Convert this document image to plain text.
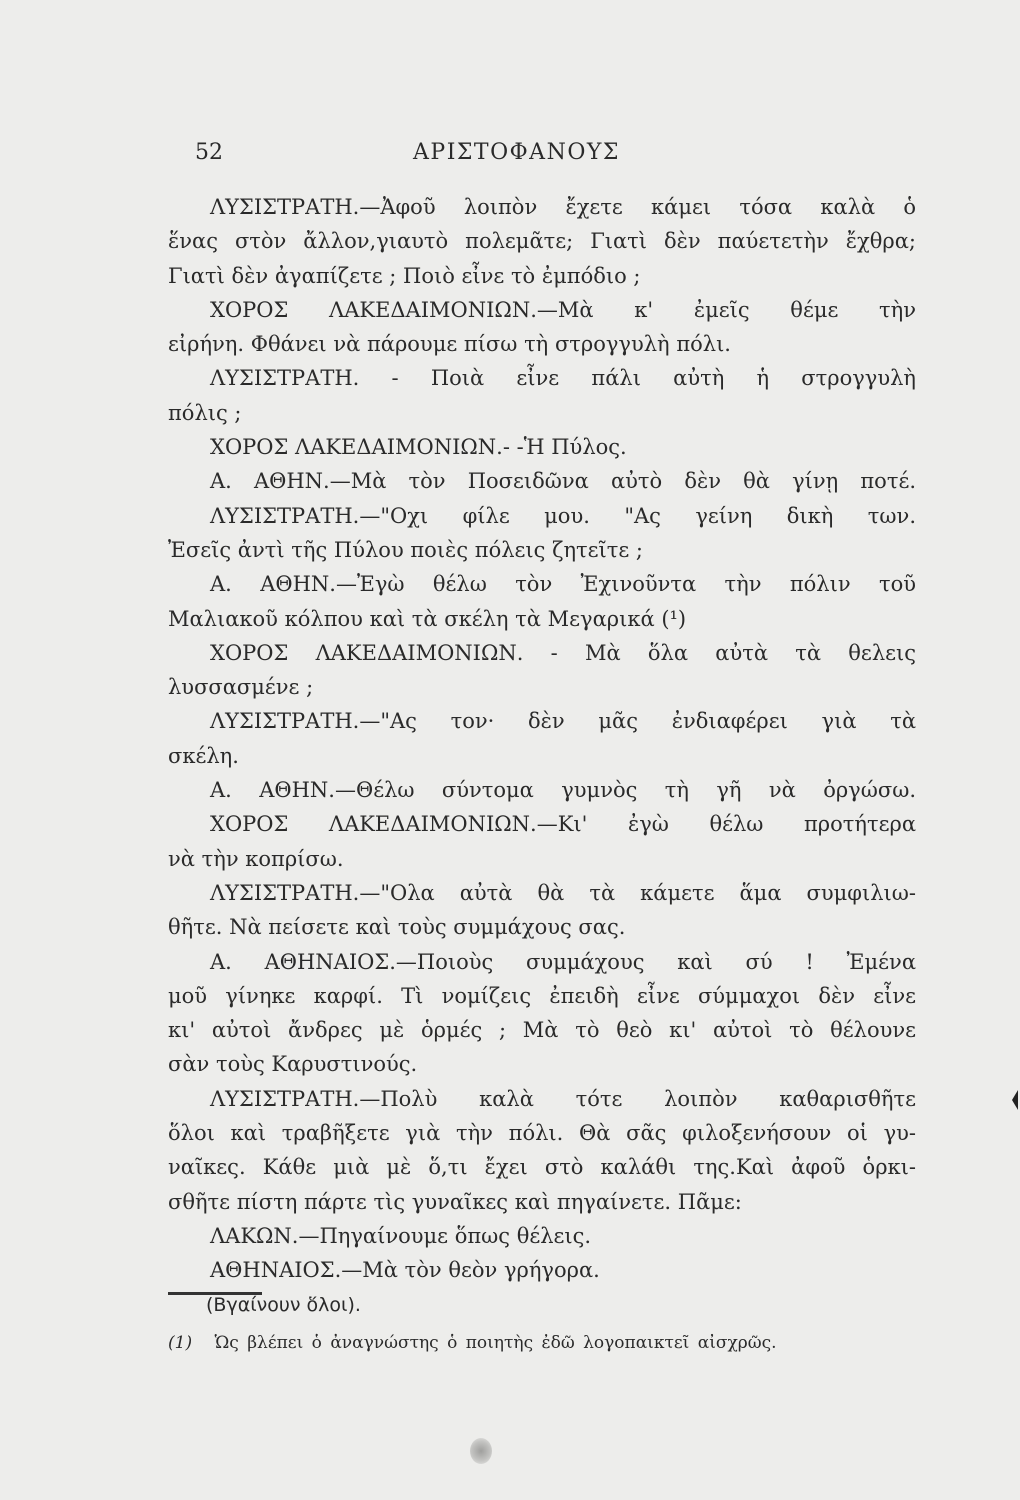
52	ΑΡΙΣΤΟΦΑΝΟΥΣ
ΛΥΣΙΣΤΡΑΤΗ.—Ἀφοῦ λοιπὸν ἔχετε κάμει τόσα καλὰ ὁ
ἕνας στὸν ἄλλον,γιαυτὸ πολεμᾶτε; Γιατὶ δὲν παύετετὴν ἔχθρα;
Γιατὶ δὲν ἀγαπίζετε ; Ποιὸ εἶνε τὸ ἐμπόδιο ;
ΧΟΡΟΣ ΛΑΚΕΔΑΙΜΟΝΙΩΝ.—Μὰ κ' ἐμεῖς θέμε τὴν
εἰρήνη. Φθάνει νὰ πάρουμε πίσω τὴ στρογγυλὴ πόλι.
ΛΥΣΙΣΤΡΑΤΗ. - Ποιὰ εἶνε πάλι αὐτὴ ἡ στρογγυλὴ
πόλις ;
ΧΟΡΟΣ ΛΑΚΕΔΑΙΜΟΝΙΩΝ.- -Ἡ Πύλος.
Α. ΑΘΗΝ.—Μὰ τὸν Ποσειδῶνα αὐτὸ δὲν θὰ γίνῃ ποτέ.
ΛΥΣΙΣΤΡΑΤΗ.—"Οχι φίλε μου. "Ας γείνη δικὴ των.
Ἐσεῖς ἀντὶ τῆς Πύλου ποιὲς πόλεις ζητεῖτε ;
Α. ΑΘΗΝ.—Ἐγὼ θέλω τὸν Ἐχινοῦντα τὴν πόλιν τοῦ
Μαλιακοῦ κόλπου καὶ τὰ σκέλη τὰ Μεγαρικά (¹)
ΧΟΡΟΣ ΛΑΚΕΔΑΙΜΟΝΙΩΝ. - Μὰ ὅλα αὐτὰ τὰ θελεις
λυσσασμένε ;
ΛΥΣΙΣΤΡΑΤΗ.—"Ας τον· δὲν μᾶς ἐνδιαφέρει γιὰ τὰ
σκέλη.
Α. ΑΘΗΝ.—Θέλω σύντομα γυμνὸς τὴ γῆ νὰ ὀργώσω.
ΧΟΡΟΣ ΛΑΚΕΔΑΙΜΟΝΙΩΝ.—Κι' ἐγὼ θέλω προτήτερα
νὰ τὴν κοπρίσω.
ΛΥΣΙΣΤΡΑΤΗ.—"Ολα αὐτὰ θὰ τὰ κάμετε ἅμα συμφιλιω-
θῆτε. Νὰ πείσετε καὶ τοὺς συμμάχους σας.
Α. ΑΘΗΝΑΙΟΣ.—Ποιοὺς συμμάχους καὶ σύ ! Ἐμένα
μοῦ γίνηκε καρφί. Τὶ νομίζεις ἐπειδὴ εἶνε σύμμαχοι δὲν εἶνε
κι' αὐτοὶ ἄνδρες μὲ ὁρμές ; Μὰ τὸ θεὸ κι' αὐτοὶ τὸ θέλουνε
σὰν τοὺς Καρυστινούς.
ΛΥΣΙΣΤΡΑΤΗ.—Πολὺ καλὰ τότε λοιπὸν καθαρισθῆτε
ὅλοι καὶ τραβῆξετε γιὰ τὴν πόλι. Θὰ σᾶς φιλοξενήσουν οἱ γυ-
ναῖκες. Κάθε μιὰ μὲ ὅ,τι ἔχει στὸ καλάθι της.Καὶ ἀφοῦ ὁρκι-
σθῆτε πίστη πάρτε τὶς γυναῖκες καὶ πηγαίνετε. Πᾶμε:
ΛΑΚΩΝ.—Πηγαίνουμε ὅπως θέλεις.
ΑΘΗΝΑΙΟΣ.—Μὰ τὸν θεὸν γρήγορα.
(Βγαίνουν ὅλοι).
(1) Ὡς βλέπει ὁ ἀναγνώστης ὁ ποιητὴς ἐδῶ λογοπαικτεῖ αἰσχρῶς.
